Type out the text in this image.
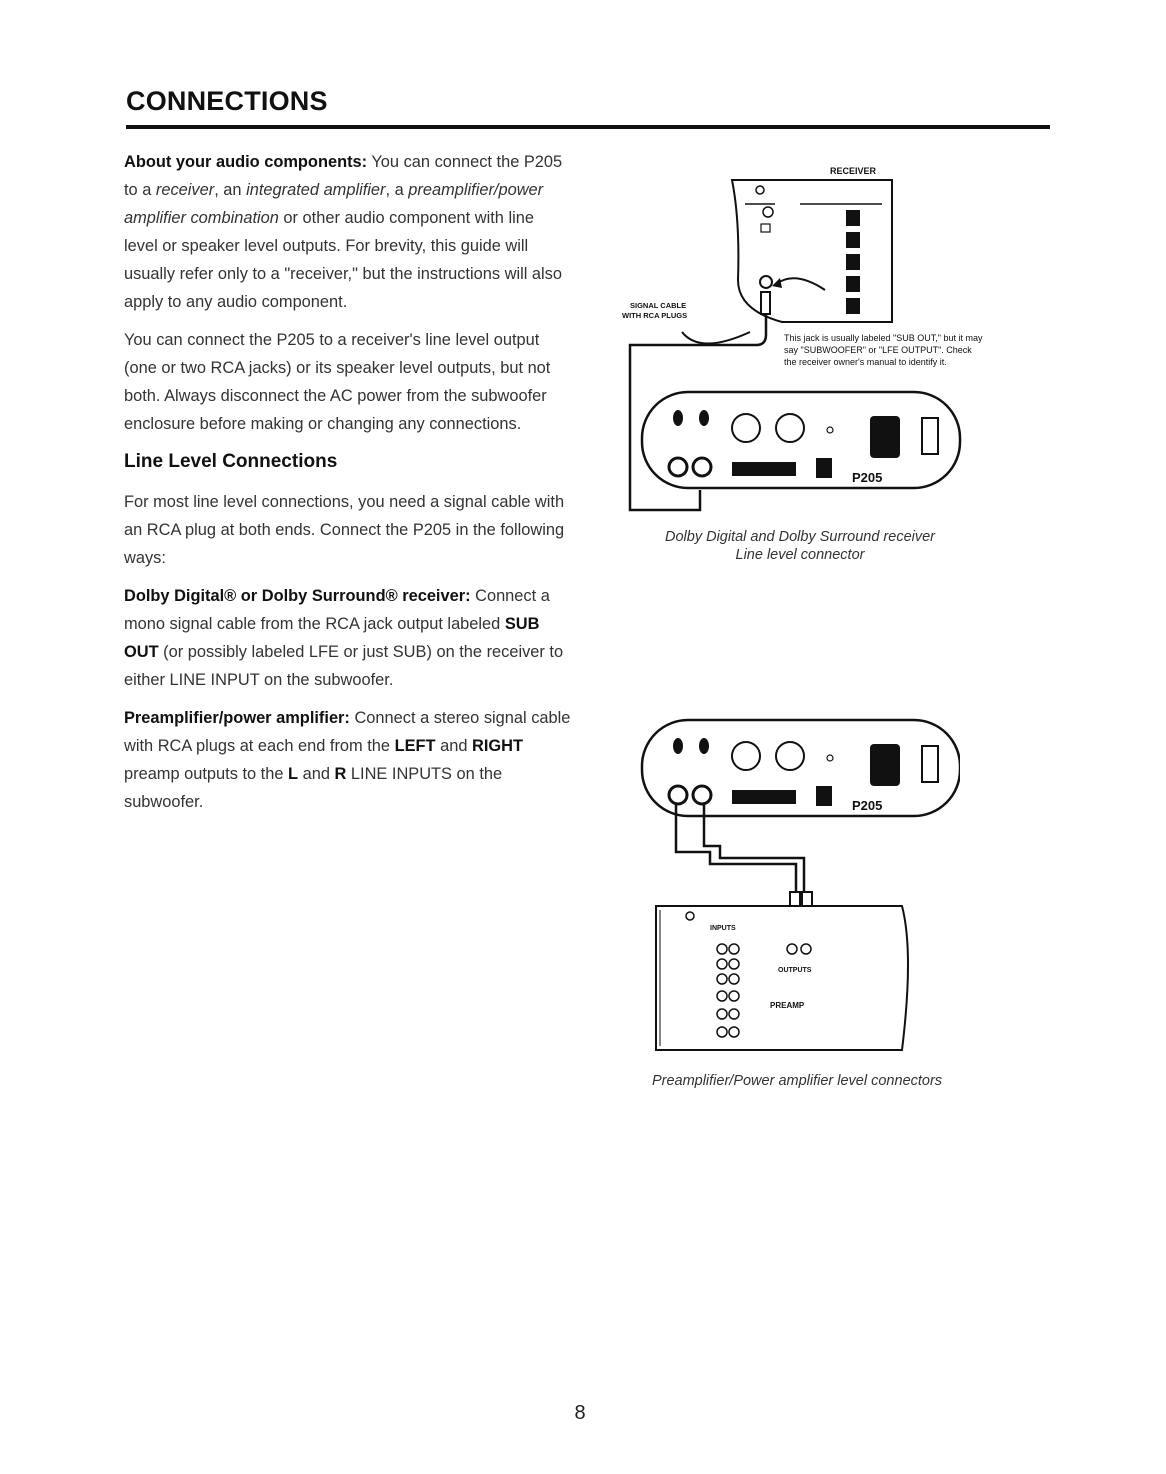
CONNECTIONS

About your audio components: You can connect the P205 to a receiver, an integrated amplifier, a preamplifier/power amplifier combination or other audio component with line level or speaker level outputs. For brevity, this guide will usually refer only to a "receiver," but the instructions will also apply to any audio component.

You can connect the P205 to a receiver's line level output (one or two RCA jacks) or its speaker level outputs, but not both. Always disconnect the AC power from the subwoofer enclosure before making or changing any connections.

Line Level Connections

For most line level connections, you need a signal cable with an RCA plug at both ends. Connect the P205 in the following ways:

Dolby Digital® or Dolby Surround® receiver: Connect a mono signal cable from the RCA jack output labeled SUB OUT (or possibly labeled LFE or just SUB) on the receiver to either LINE INPUT on the subwoofer.

Preamplifier/power amplifier: Connect a stereo signal cable with RCA plugs at each end from the LEFT and RIGHT preamp outputs to the L and R LINE INPUTS on the subwoofer.

RECEIVER
SIGNAL CABLE
WITH RCA PLUGS
This jack is usually labeled "SUB OUT," but it may
say "SUBWOOFER" or "LFE OUTPUT". Check
the receiver owner's manual to identify it.
P205
Dolby Digital and Dolby Surround receiver
Line level connector
P205
INPUTS
OUTPUTS
PREAMP
Preamplifier/Power amplifier level connectors
8
